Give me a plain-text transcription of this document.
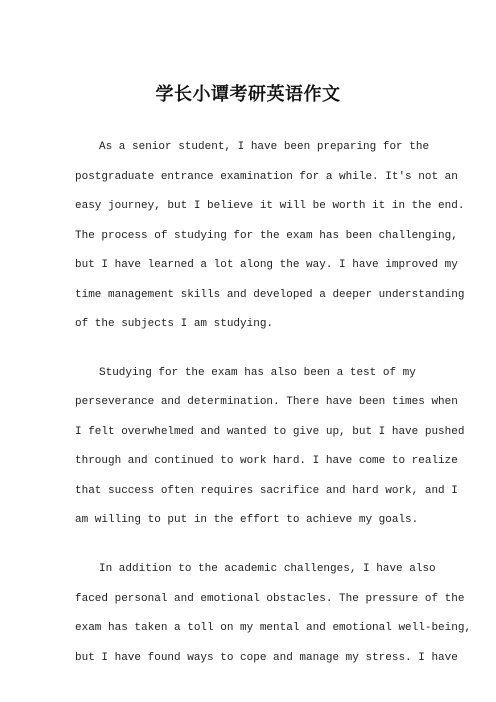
学长小谭考研英语作文
As a senior student, I have been preparing for the
postgraduate entrance examination for a while. It's not an
easy journey, but I believe it will be worth it in the end.
The process of studying for the exam has been challenging,
but I have learned a lot along the way. I have improved my
time management skills and developed a deeper understanding
of the subjects I am studying.
Studying for the exam has also been a test of my
perseverance and determination. There have been times when
I felt overwhelmed and wanted to give up, but I have pushed
through and continued to work hard. I have come to realize
that success often requires sacrifice and hard work, and I
am willing to put in the effort to achieve my goals.
In addition to the academic challenges, I have also
faced personal and emotional obstacles. The pressure of the
exam has taken a toll on my mental and emotional well-being,
but I have found ways to cope and manage my stress. I have
